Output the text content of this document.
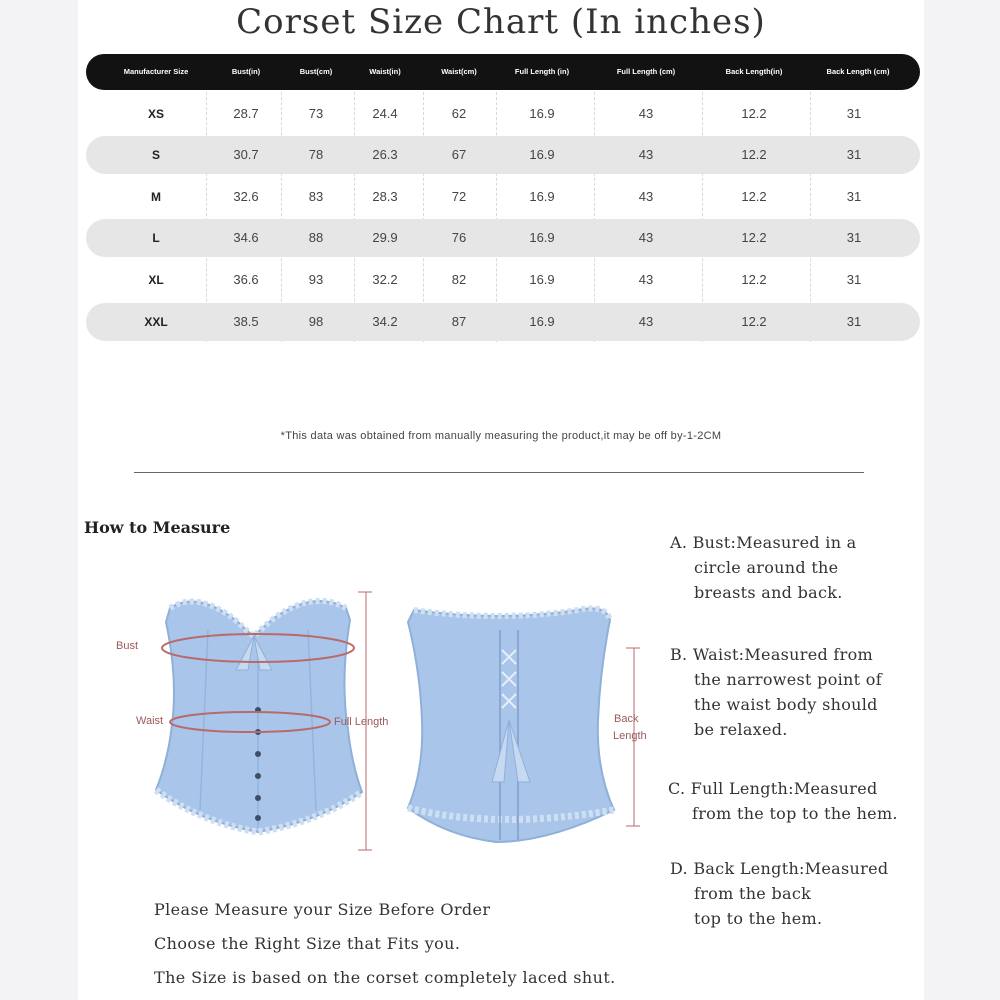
Corset Size Chart (In inches)
Manufacturer Size	Bust(in)	Bust(cm)	Waist(in)	Waist(cm)	Full Length (in)	Full Length (cm)	Back Length(in)	Back Length (cm)
XS	28.7	73	24.4	62	16.9	43	12.2	31
S	30.7	78	26.3	67	16.9	43	12.2	31
M	32.6	83	28.3	72	16.9	43	12.2	31
L	34.6	88	29.9	76	16.9	43	12.2	31
XL	36.6	93	32.2	82	16.9	43	12.2	31
XXL	38.5	98	34.2	87	16.9	43	12.2	31
*This data was obtained from manually measuring the product,it may be off by-1-2CM
How to Measure
Bust
Waist	Full Length	Back
Length
A. Bust:Measured in a
circle around the
breasts and back.
B. Waist:Measured from
the narrowest point of
the waist body should
be relaxed.
C. Full Length:Measured
from the top to the hem.
D. Back Length:Measured
from the back
top to the hem.
Please Measure your Size Before Order
Choose the Right Size that Fits you.
The Size is based on the corset completely laced shut.
